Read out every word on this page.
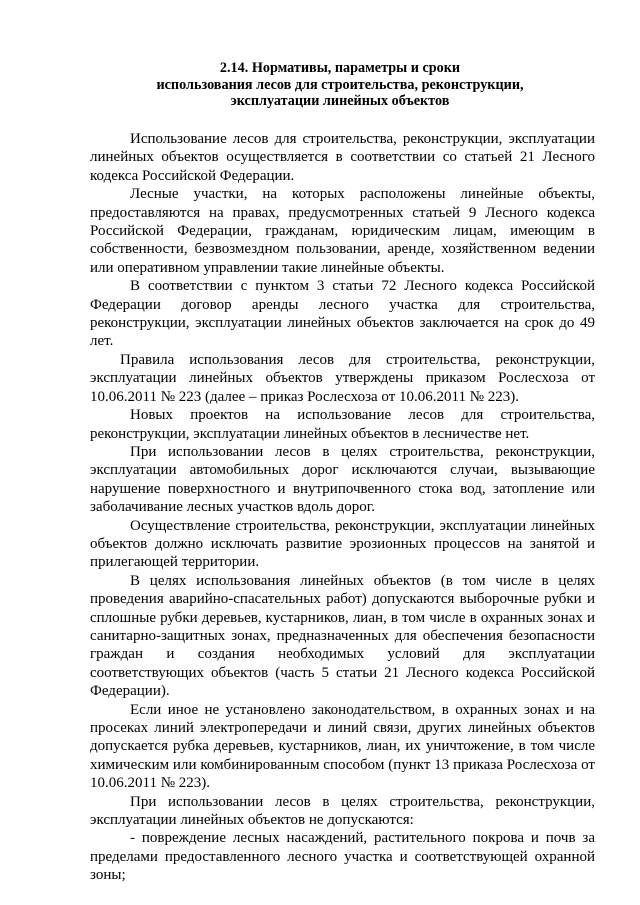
2.14. Нормативы, параметры и сроки
использования лесов для строительства, реконструкции,
эксплуатации линейных объектов

Использование лесов для строительства, реконструкции, эксплуатации линейных объектов осуществляется в соответствии со статьей 21 Лесного кодекса Российской Федерации.

Лесные участки, на которых расположены линейные объекты, предоставляются на правах, предусмотренных статьей 9 Лесного кодекса Российской Федерации, гражданам, юридическим лицам, имеющим в собственности, безвозмездном пользовании, аренде, хозяйственном ведении или оперативном управлении такие линейные объекты.

В соответствии с пунктом 3 статьи 72 Лесного кодекса Российской Федерации договор аренды лесного участка для строительства, реконструкции, эксплуатации линейных объектов заключается на срок до 49 лет.

Правила использования лесов для строительства, реконструкции, эксплуатации линейных объектов утверждены приказом Рослесхоза от 10.06.2011 № 223 (далее – приказ Рослесхоза от 10.06.2011 № 223).

Новых проектов на использование лесов для строительства, реконструкции, эксплуатации линейных объектов в лесничестве нет.

При использовании лесов в целях строительства, реконструкции, эксплуатации автомобильных дорог исключаются случаи, вызывающие нарушение поверхностного и внутрипочвенного стока вод, затопление или заболачивание лесных участков вдоль дорог.

Осуществление строительства, реконструкции, эксплуатации линейных объектов должно исключать развитие эрозионных процессов на занятой и прилегающей территории.

В целях использования линейных объектов (в том числе в целях проведения аварийно-спасательных работ) допускаются выборочные рубки и сплошные рубки деревьев, кустарников, лиан, в том числе в охранных зонах и санитарно-защитных зонах, предназначенных для обеспечения безопасности граждан и создания необходимых условий для эксплуатации соответствующих объектов (часть 5 статьи 21 Лесного кодекса Российской Федерации).

Если иное не установлено законодательством, в охранных зонах и на просеках линий электропередачи и линий связи, других линейных объектов допускается рубка деревьев, кустарников, лиан, их уничтожение, в том числе химическим или комбинированным способом (пункт 13 приказа Рослесхоза от 10.06.2011 № 223).

При использовании лесов в целях строительства, реконструкции, эксплуатации линейных объектов не допускаются:

- повреждение лесных насаждений, растительного покрова и почв за пределами предоставленного лесного участка и соответствующей охранной зоны;
